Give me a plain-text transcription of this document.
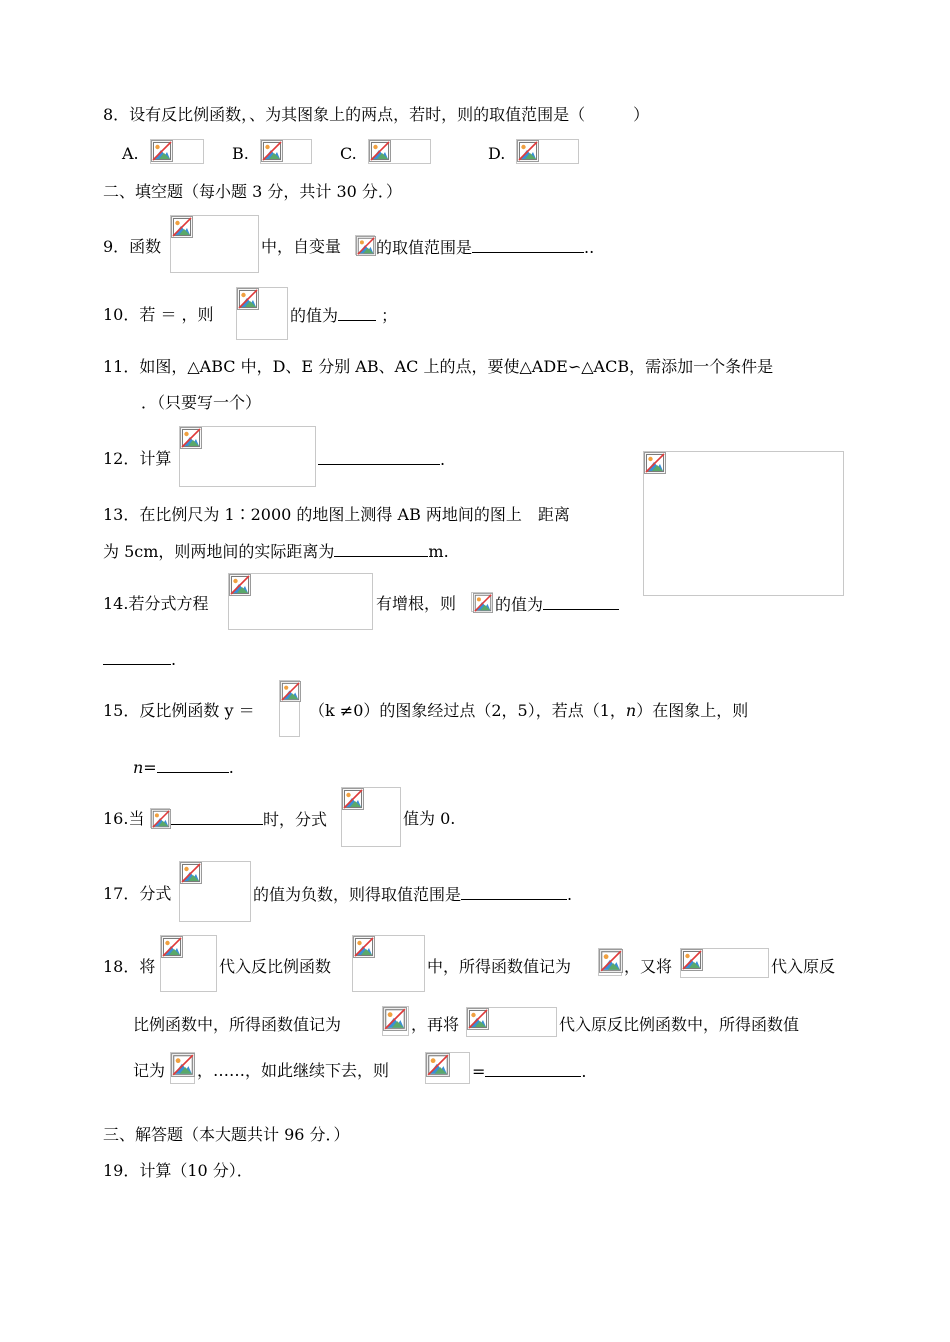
8．设有反比例函数，、为其图象上的两点，若时，则的取值范围是（　　　）
A.	B.	C.	D.
二、填空题（每小题 3 分，共计 30 分．）
9．函数	中，自变量 的取值范围是	..
10．若 ＝ ，则	的值为	；
11．如图，△ABC 中，D、E 分别 AB、AC 上的点，要使△ADE∽△ACB，需添加一个条件是
．（只要写一个）
12．计算	.
13．在比例尺为 1∶2000 的地图上测得 AB 两地间的图上　距离
为 5cm，则两地间的实际距离为	m.
14.若分式方程	有增根，则 的值为
.
15．反比例函数 y ＝	（k ≠0）的图象经过点（2，5），若点（1，n）在图象上，则
n=	.
16.当	时，分式	值为 0.
17．分式	的值为负数，则得取值范围是	.
18．将	代入反比例函数	中，所得函数值记为	，又将	代入原反
比例函数中，所得函数值记为	，再将	代入原反比例函数中，所得函数值
记为 ，……，如此继续下去，则	=	.
三、解答题（本大题共计 96 分．）
19．计算（10 分）．
